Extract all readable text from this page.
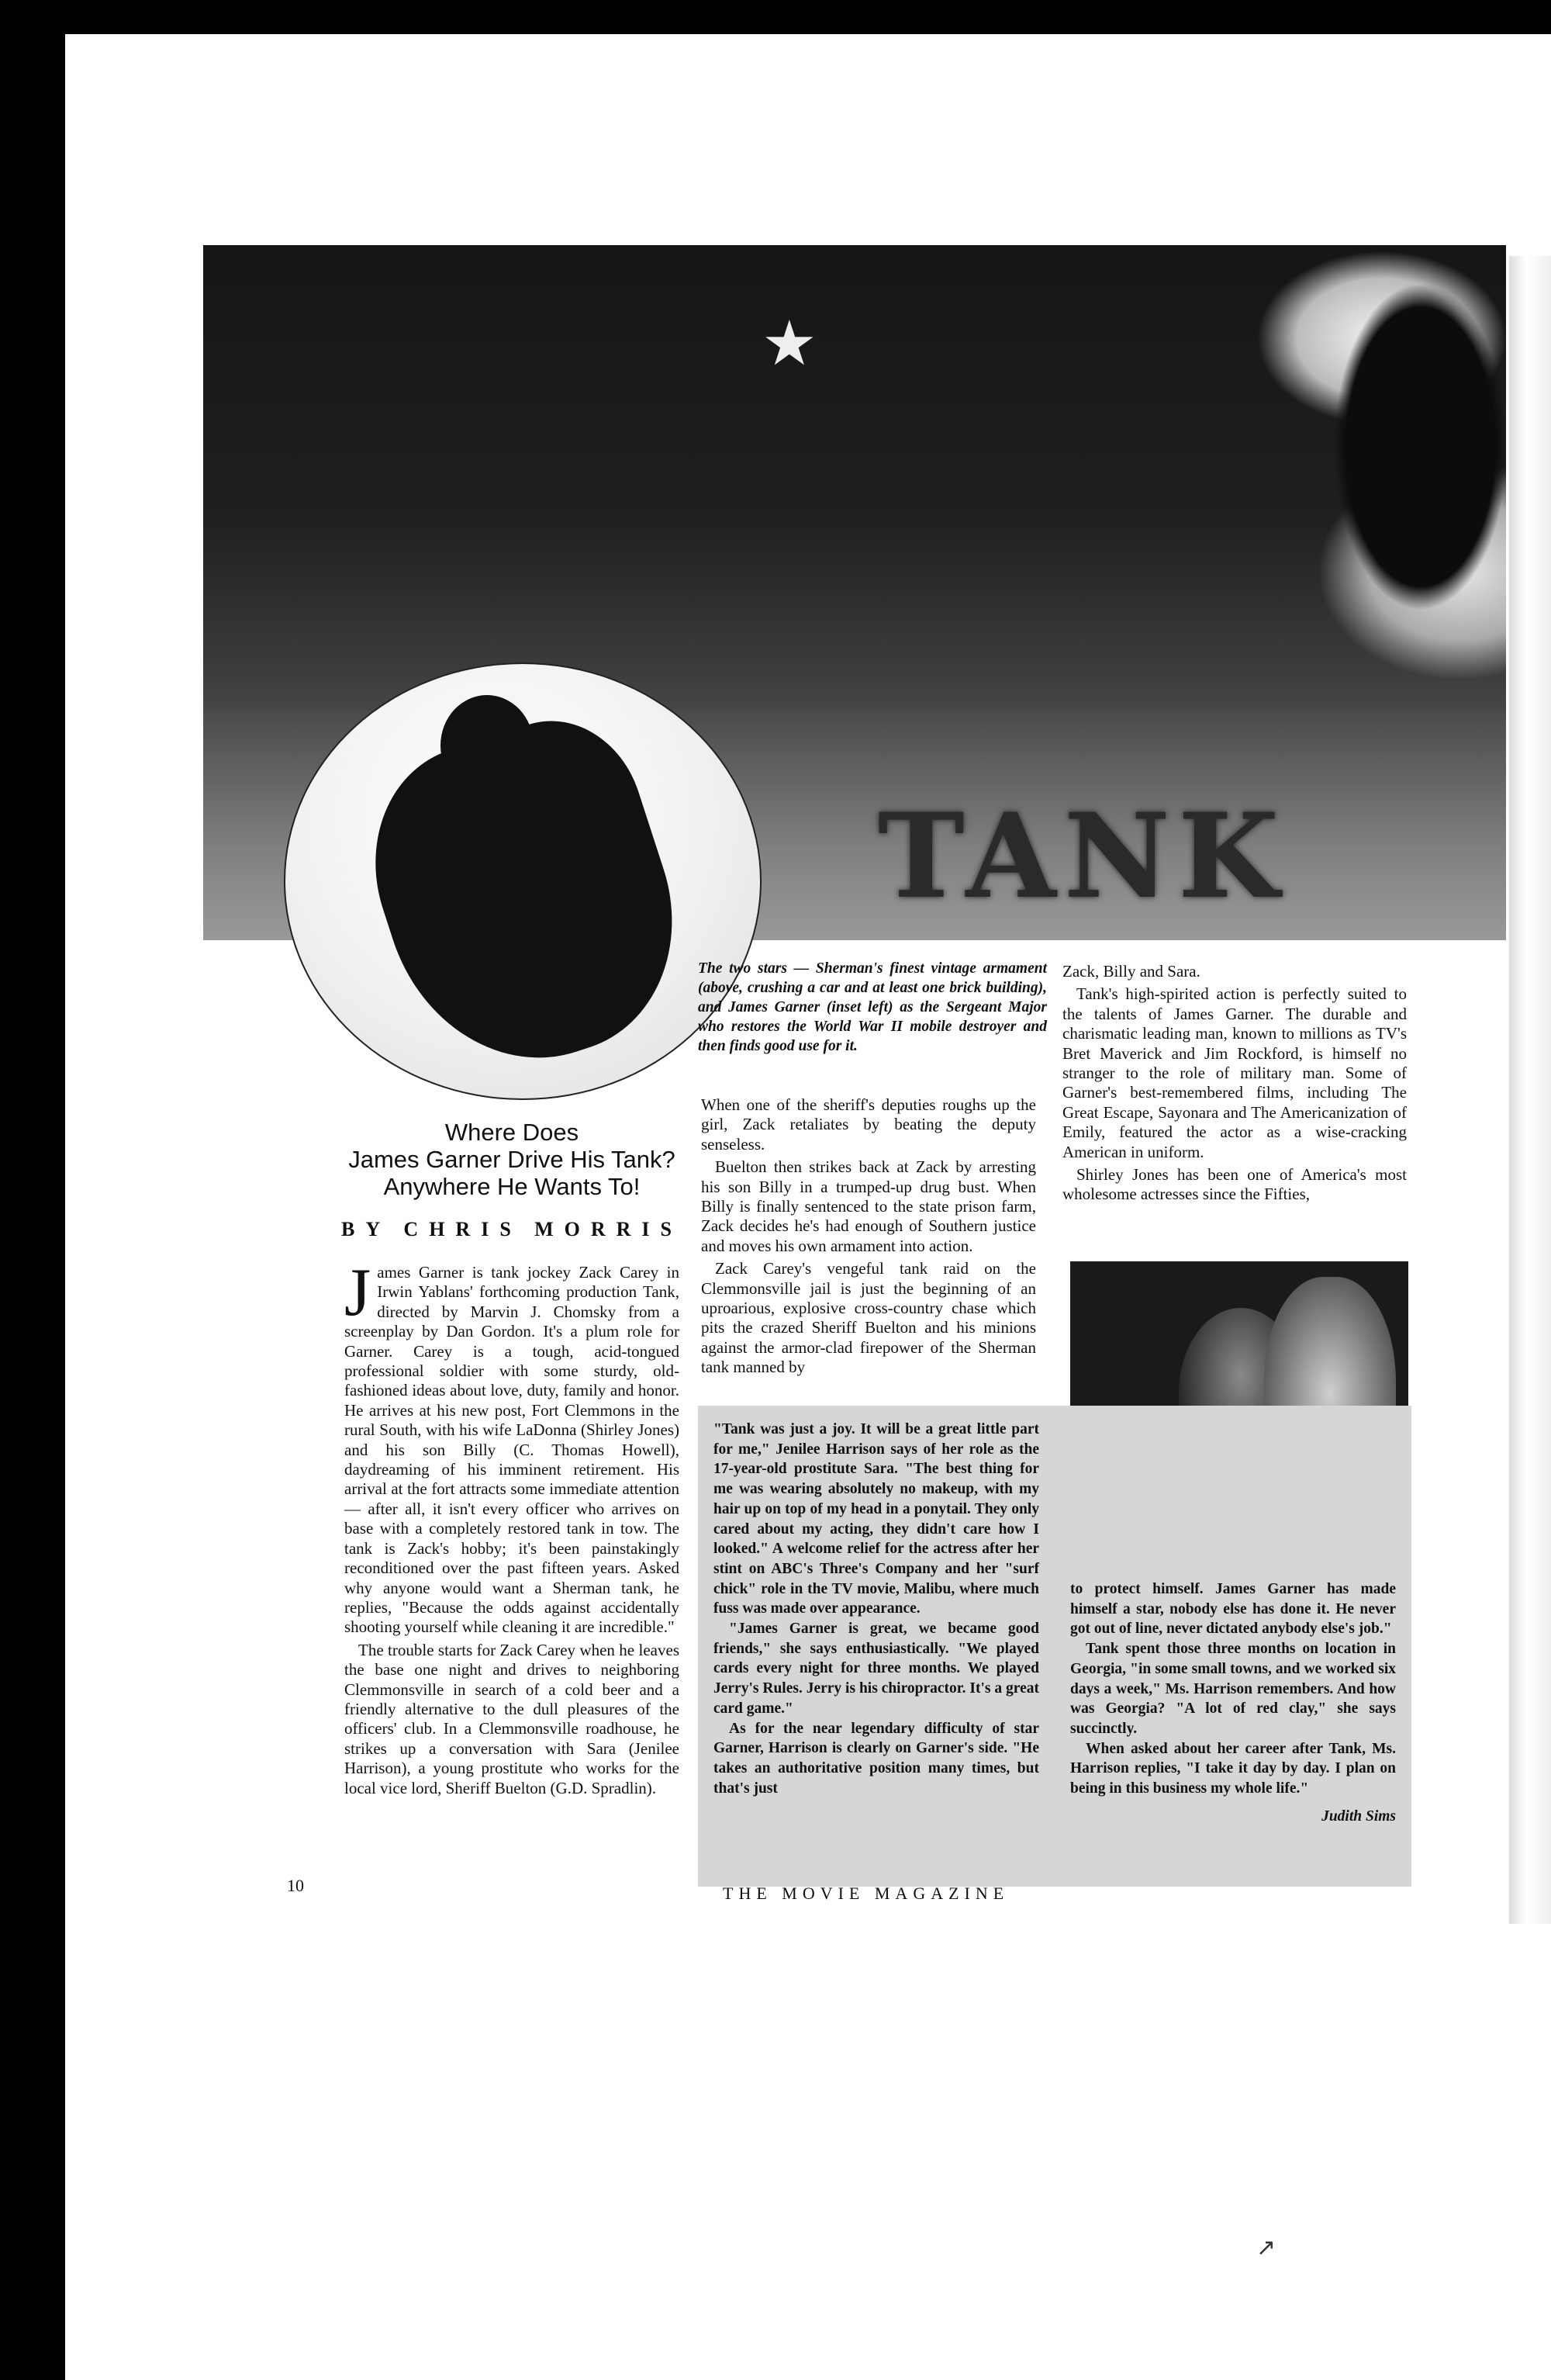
★
TANK
Where Does
James Garner Drive His Tank?
Anywhere He Wants To!
BY CHRIS MORRIS

James Garner is tank jockey Zack Carey in Irwin Yablans' forthcoming production Tank, directed by Marvin J. Chomsky from a screenplay by Dan Gordon. It's a plum role for Garner. Carey is a tough, acid-tongued professional soldier with some sturdy, old-fashioned ideas about love, duty, family and honor. He arrives at his new post, Fort Clemmons in the rural South, with his wife LaDonna (Shirley Jones) and his son Billy (C. Thomas Howell), daydreaming of his imminent retirement. His arrival at the fort attracts some immediate attention — after all, it isn't every officer who arrives on base with a completely restored tank in tow. The tank is Zack's hobby; it's been painstakingly reconditioned over the past fifteen years. Asked why anyone would want a Sherman tank, he replies, "Because the odds against accidentally shooting yourself while cleaning it are incredible."

The trouble starts for Zack Carey when he leaves the base one night and drives to neighboring Clemmonsville in search of a cold beer and a friendly alternative to the dull pleasures of the officers' club. In a Clemmonsville roadhouse, he strikes up a conversation with Sara (Jenilee Harrison), a young prostitute who works for the local vice lord, Sheriff Buelton (G.D. Spradlin).

The two stars — Sherman's finest vintage armament (above, crushing a car and at least one brick building), and James Garner (inset left) as the Sergeant Major who restores the World War II mobile destroyer and then finds good use for it.

When one of the sheriff's deputies roughs up the girl, Zack retaliates by beating the deputy senseless.

Buelton then strikes back at Zack by arresting his son Billy in a trumped-up drug bust. When Billy is finally sentenced to the state prison farm, Zack decides he's had enough of Southern justice and moves his own armament into action.

Zack Carey's vengeful tank raid on the Clemmonsville jail is just the beginning of an uproarious, explosive cross-country chase which pits the crazed Sheriff Buelton and his minions against the armor-clad firepower of the Sherman tank manned by

Zack, Billy and Sara.

Tank's high-spirited action is perfectly suited to the talents of James Garner. The durable and charismatic leading man, known to millions as TV's Bret Maverick and Jim Rockford, is himself no stranger to the role of military man. Some of Garner's best-remembered films, including The Great Escape, Sayonara and The Americanization of Emily, featured the actor as a wise-cracking American in uniform.

Shirley Jones has been one of America's most wholesome actresses since the Fifties,

"Tank was just a joy. It will be a great little part for me," Jenilee Harrison says of her role as the 17-year-old prostitute Sara. "The best thing for me was wearing absolutely no makeup, with my hair up on top of my head in a ponytail. They only cared about my acting, they didn't care how I looked." A welcome relief for the actress after her stint on ABC's Three's Company and her "surf chick" role in the TV movie, Malibu, where much fuss was made over appearance.

"James Garner is great, we became good friends," she says enthusiastically. "We played cards every night for three months. We played Jerry's Rules. Jerry is his chiropractor. It's a great card game."

As for the near legendary difficulty of star Garner, Harrison is clearly on Garner's side. "He takes an authoritative position many times, but that's just

to protect himself. James Garner has made himself a star, nobody else has done it. He never got out of line, never dictated anybody else's job."

Tank spent those three months on location in Georgia, "in some small towns, and we worked six days a week," Ms. Harrison remembers. And how was Georgia? "A lot of red clay," she says succinctly.

When asked about her career after Tank, Ms. Harrison replies, "I take it day by day. I plan on being in this business my whole life."

Judith Sims
10	THE MOVIE MAGAZINE
↗
